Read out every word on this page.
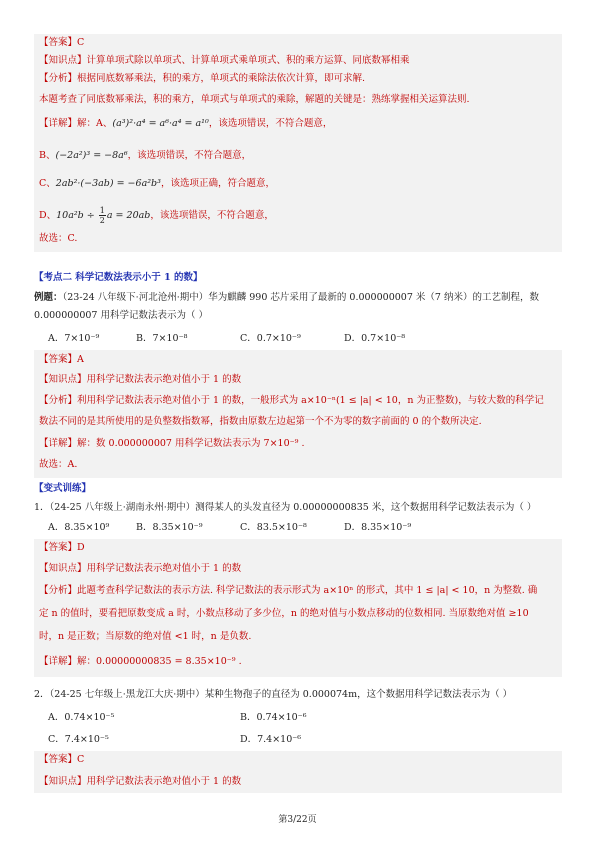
【答案】C
【知识点】计算单项式除以单项式、计算单项式乘单项式、积的乘方运算、同底数幂相乘
【分析】根据同底数幂乘法，积的乘方，单项式的乘除法依次计算，即可求解.
本题考查了同底数幂乘法，积的乘方，单项式与单项式的乘除，解题的关键是：熟练掌握相关运算法则.
【详解】解：A、(a³)²·a⁴ = a⁶·a⁴ = a¹⁰，该选项错误，不符合题意，
B、(−2a²)³ = −8a⁶，该选项错误，不符合题意，
C、2ab²·(−3ab) = −6a²b³，该选项正确，符合题意，
D、$10a^2b \div \frac{1}{2}$ a = 20ab，该选项错误，不符合题意，
故选：C.
【考点二 科学记数法表示小于 1 的数】
例题：（23-24 八年级下·河北沧州·期中）华为麒麟 990 芯片采用了最新的 0.000000007 米（7 纳米）的工艺制程，数
0.000000007 用科学记数法表示为（ ）
A．7×10⁻⁹	B．7×10⁻⁸	C．0.7×10⁻⁹	D．0.7×10⁻⁸
【答案】A
【知识点】用科学记数法表示绝对值小于 1 的数
【分析】利用科学记数法表示绝对值小于 1 的数，一般形式为 a×10⁻ⁿ(1 ≤ |a| < 10，n 为正整数)，与较大数的科学记
数法不同的是其所使用的是负整数指数幂，指数由原数左边起第一个不为零的数字前面的 0 的个数所决定.
【详解】解：数 0.000000007 用科学记数法表示为 7×10⁻⁹ .
故选：A.
【变式训练】
1．（24-25 八年级上·湖南永州·期中）测得某人的头发直径为 0.00000000835 米，这个数据用科学记数法表示为（ ）
A．8.35×10⁹	B．8.35×10⁻⁹	C．83.5×10⁻⁸	D．8.35×10⁻⁹
【答案】D
【知识点】用科学记数法表示绝对值小于 1 的数
【分析】此题考查科学记数法的表示方法. 科学记数法的表示形式为 a×10ⁿ 的形式，其中 1 ≤ |a| < 10，n 为整数. 确
定 n 的值时，要看把原数变成 a 时，小数点移动了多少位，n 的绝对值与小数点移动的位数相同. 当原数绝对值 ≥10
时，n 是正数；当原数的绝对值 <1 时，n 是负数.
【详解】解：0.00000000835 = 8.35×10⁻⁹ .
2．（24-25 七年级上·黑龙江大庆·期中）某种生物孢子的直径为 0.000074m，这个数据用科学记数法表示为（ ）
A．0.74×10⁻⁵	B．0.74×10⁻⁶
C．7.4×10⁻⁵	D．7.4×10⁻⁶
【答案】C
【知识点】用科学记数法表示绝对值小于 1 的数
第3/22页
